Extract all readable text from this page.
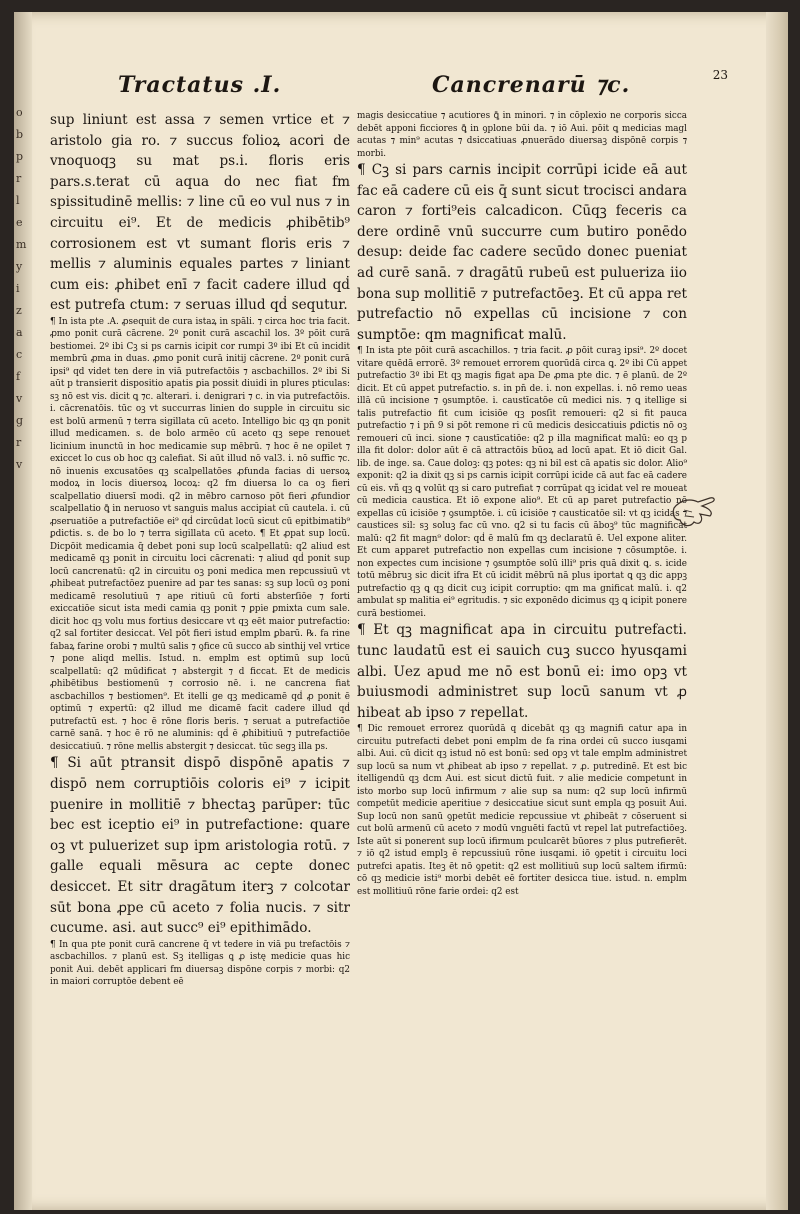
o
b
p
r
l
e
m
y
i
z
a
c
f
v
g
r
v
Tractatus .I.	Cancrenarū ⁊c.	23

sup liniunt est assa ⁊ semen vrtice et ⁊ aristolo gia ro. ⁊ succus folioꝝ acori de vnoquoqꝫ su mat ps.i. floris eris pars.s.terat cū aqua do nec fiat fm spissitudinē mellis: ⁊ line cū eo vul nus ⁊ in circuitu ei⁹. Et de medicis ꝓhibētib⁹ corrosionem est vt sumant floris eris ⁊ mellis ⁊ aluminis equales partes ⁊ liniant cum eis: ꝓhibet enī ⁊ facit cadere illud qḋ est putrefa ctum: ⁊ seruas illud qḋ sequtur.

¶ In ista pte .A. ꝓsequit de cura istaꝝ in spāli. ⁊ circa hoc tria facit. ꝓmo ponit curā cācrene. 2º ponit curā ascachil los. 3º pōit curā bestiomei. 2º ibi Cꝫ si ps carnis icipit cor rumpi 3º ibi Et cū incidit membrū ꝓma in duas. ꝓmo ponit curā initij cācrene. 2º ponit curā ipsi⁹ qd videt ten dere in viā putrefactōis ⁊ ascbachillos. 2º ibi Si aūt p transierit dispositio apatis ꝑia possit diuidi in plures pticulas: sꝫ nō est vis. dicit ꝗ ⁊c. alterari. i. denigrari ⁊ c. in via putrefactōis. i. cācrenatōis. tūc oꝫ vt succurras linien do supple in circuitu sic est bolū armenū ⁊ terra sigillata cū aceto. Intelligo bic qꝫ qn ponit illud medicamen. s. de bolo armēo cū aceto qꝫ sepe renouet licinium inunctū in hoc medicamie sup mēbrū. ⁊ hoc ē ne opilet ⁊ exiccet lo cus ob hoc qꝫ calefiat. Si aūt illud nō val3. i. nō suffic ⁊c. nō inuenis excusatōes qꝫ scalpellatōes ꝓfunda facias di uersoꝝ modoꝝ in locis diuersoꝝ locoꝝ: q2 fm diuersa lo ca oꝫ fieri scalpellatio diuersī modi. q2 in mēbro carnoso pōt fieri ꝓfundior scalpellatio ꝗ̄ in neruoso vt sanguis malus accipiat cū cautela. i. cū ꝓseruatiōe a putrefactiōe ei⁹ qḋ circūdat locū sicut cū epitbimatib⁹ ꝑdictis. s. de bo lo ⁊ terra sigillata cū aceto. ¶ Et ꝓpat sup locū. Dicpōit medicamia q̄ debet poni sup locū scalpellatū: q2 aliud est medicamē qꝫ ponit in circuitu loci cācrenati: ⁊ aliud qḋ ponit sup locū cancrenatū: q2 in circuitu oꝫ poni medica men repcussiuū vt ꝓhibeat putrefactōez puenire ad par tes sanas: sꝫ sup locū oꝫ poni medicamē resolutiuū ⁊ ape ritiuū cū forti absterſiōe ⁊ forti exiccatiōe sicut ista medi camia qꝫ ponit ⁊ ꝑpie ꝑmixta cum sale. dicit hoc qꝫ volu mus fortius desiccare vt qꝫ eēt maior putrefactio: q2 sal fortiter desiccat. Vel pōt fieri istud emplm ꝑbarū. ℞. fa rine fabaꝝ farine orobi ⁊ multū salis ⁊ ꝯfice cū succo ab sinthij vel vrtice ⁊ pone aliqd mellis. Istud. n. emplm est optimū sup locū scalpellatū: q2 mūdificat ⁊ abstergit ⁊ d ficcat. Et de medicis ꝓhibētibus bestiomenū ⁊ corrosio nē. i. ne cancrena fiat ascbachillos ⁊ bestiomen⁹. Et itelli ge qꝫ medicamē qḋ ꝓ ponit ē optimū ⁊ expertū: q2 illud me dicamē facit cadere illud qḋ putrefactū est. ⁊ hoc ē rōne floris beris. ⁊ seruat a putrefactiōe carnē sanā. ⁊ hoc ē rō ne aluminis: qḋ ē ꝓhibitiuū ⁊ putrefactiōe desiccatiuū. ⁊ rōne mellis abstergit ⁊ desiccat. tūc segꝫ illa ps.

¶ Si aūt ptransit dispō dispōnē apatis ⁊ dispō nem corruptiōis coloris ei⁹ ⁊ icipit puenire in mollitiē ⁊ bhectaꝫ parūper: tūc bec est iceptio ei⁹ in putrefactione: quare oꝫ vt puluerizet sup ipm aristologia rotū. ⁊ galle equali mēsura ac cepte donec desiccet. Et sitr dragātum iterꝫ ⁊ colcotar sūt bona ꝓpe cū aceto ⁊ folia nucis. ⁊ sitr cucume. asi. aut succ⁹ ei⁹ epithimādo.

¶ In qua pte ponit curā cancrene q̄ vt tedere in viā pu trefactōis ⁊ ascbachillos. ⁊ planū est. Sꝫ itelligas ꝗ ꝓ istę medicie quas hic ponit Aui. debēt applicari fm diuersaꝫ dispōne corpis ⁊ morbi: q2 in maiori corruptōe debent eē

magis desiccatiue ⁊ acutiores ꝗ̄ in minori. ⁊ in cōplexio ne corporis sicca debēt apponi ficciores ꝗ̄ in ꝯplone būi da. ⁊ iō Aui. pōit ꝗ medicias magl acutas ⁊ min⁹ acutas ⁊ dsiccatiuas ꝓnuerādo diuersaꝫ dispōnē corpis ⁊ morbi.

¶ Cꝫ si pars carnis incipit corrūpi icide eā aut fac eā cadere cū eis q̄ sunt sicut trocisci andara caron ⁊ forti⁹eis calcadicon. Cūqꝫ feceris ca dere ordinē vnū succurre cum butiro ponēdo desup: deide fac cadere secūdo donec pueniat ad curē sanā. ⁊ dragātū rubeū est pulueriza iio bona sup mollitiē ⁊ putrefactōeꝫ. Et cū appa ret putrefactio nō expellas cū incisione ⁊ con sumptōe: qm magnificat malū.

¶ In ista pte pōit curā ascachillos. ⁊ tria facit. ꝓ pōit curaꝫ ipsi⁹. 2º docet vitare quēdā errorē. 3º remouet errorem quorūdā circa ꝗ. 2º ibi Cū appet putrefactio 3º ibi Et qꝫ magis figat apa De ꝓma pte dic. ⁊ ē planū. de 2º dicit. Et cū appet putrefactio. s. in pn̄ de. i. non expellas. i. nō remo ueas illā cū incisione ⁊ ꝯsumptōe. i. caustīcatōe cū medici nis. ⁊ ꝗ itellige si talis putrefactio fit cum icisiōe qꝫ posſit remoueri: q2 si fit pauca putrefactio ⁊ i pn̄ 9 si pōt remone ri cū medicis desiccatiuis ꝑdictis nō oꝫ remoueri cū inci. sione ⁊ caustīcatiōe: q2 p illa magnificat malū: eo qꝫ p illa fit dolor: dolor aūt ē cā attractōis būoꝝ ad locū apat. Et iō dicit Gal. lib. de inge. sa. Caue doloꝫ: qꝫ potes: qꝫ ni bil est cā apatis sic dolor. Alio⁹ exponit: q2 ia dixit qꝫ si ps carnis icipit corrūpi icide cā aut fac eā cadere cū eis. vñ qꝫ ꝗ volūt qꝫ si caro putrefiat ⁊ corrūpat qꝫ icidat vel re moueat cū medicia caustica. Et iō expone alio⁹. Et cū ap paret putrefactio nō expellas cū icisiōe ⁊ ꝯsumptōe. i. cū icisiōe ⁊ causticatōe sil: vt qꝫ icidas ⁊ caustices sil: sꝫ soluꝫ fac cū vno. q2 si tu facis cū āboꝫ⁹ tūc magnificat malū: q2 fit magn⁹ dolor: qḋ ē malū fm qꝫ declaratū ē. Uel expone aliter. Et cum apparet putrefactio non expellas cum incisione ⁊ cōsumptōe. i. non expectes cum incisione ⁊ ꝯsumptōe solū illi⁹ pris quā dixit ꝗ. s. icide totū mēbruꝫ sic dicit ifra Et cū icidit mēbrū nā plus iportat ꝗ qꝫ dic appꝫ putrefactio qꝫ ꝗ qꝫ dicit cuꝫ icipit corruptio: qm ma gnificat malū. i. q2 ambulat sp malitia ei⁹ egritudis. ⁊ sic exponēdo dicimus qꝫ ꝗ icipit ponere curā bestiomei.

¶ Et qꝫ magnificat apa in circuitu putrefacti. tunc laudatū est ei sauich cuꝫ succo hyusqami albi. Uez apud me nō est bonū ei: imo opꝫ vt buiusmodi administret sup locū sanum vt ꝓ hibeat ab ipso ⁊ repellat.

¶ Dic remouet errorez quorūdā q dicebāt qꝫ qꝫ magnifi catur apa in circuitu putrefacti debet poni emplm de fa rina ordei cū succo iusqami albi. Aui. cū dicit qꝫ istud nō est bonū: sed opꝫ vt tale emplm administret sup locū sa num vt ꝓhibeat ab ipso ⁊ repellat. ⁊ ꝓ. putredinē. Et est bic itelligendū qꝫ dcm Aui. est sicut dictū fuit. ⁊ alie medicie competunt in isto morbo sup locū infirmum ⁊ alie sup sa num: q2 sup locū infirmū competūt medicie aperitiue ⁊ desiccatiue sicut sunt empla qꝫ posuit Aui. Sup locū non sanū ꝯpetūt medicie repcussiue vt ꝓhibeāt ⁊ cōseruent si cut bolū armenū cū aceto ⁊ modū vnguēti factū vt repel lat putrefactiōeꝫ. Iste aūt si ponerent sup locū ifirmum pculcarēt būores ⁊ plus putrefierēt. ⁊ iō q2 istud emplꝫ ē repcussiuū rōne iusqami. iō ꝯpetit i circuitu loci putrefci apatis. Iteꝫ ēt nō ꝯpetit: q2 est mollitiuū sup locū saltem ifirmū: cō qꝫ medicie isti⁹ morbi debēt eē fortiter desicca tiue. istud. n. emplm est mollitiuū rōne farie ordei: q2 est
